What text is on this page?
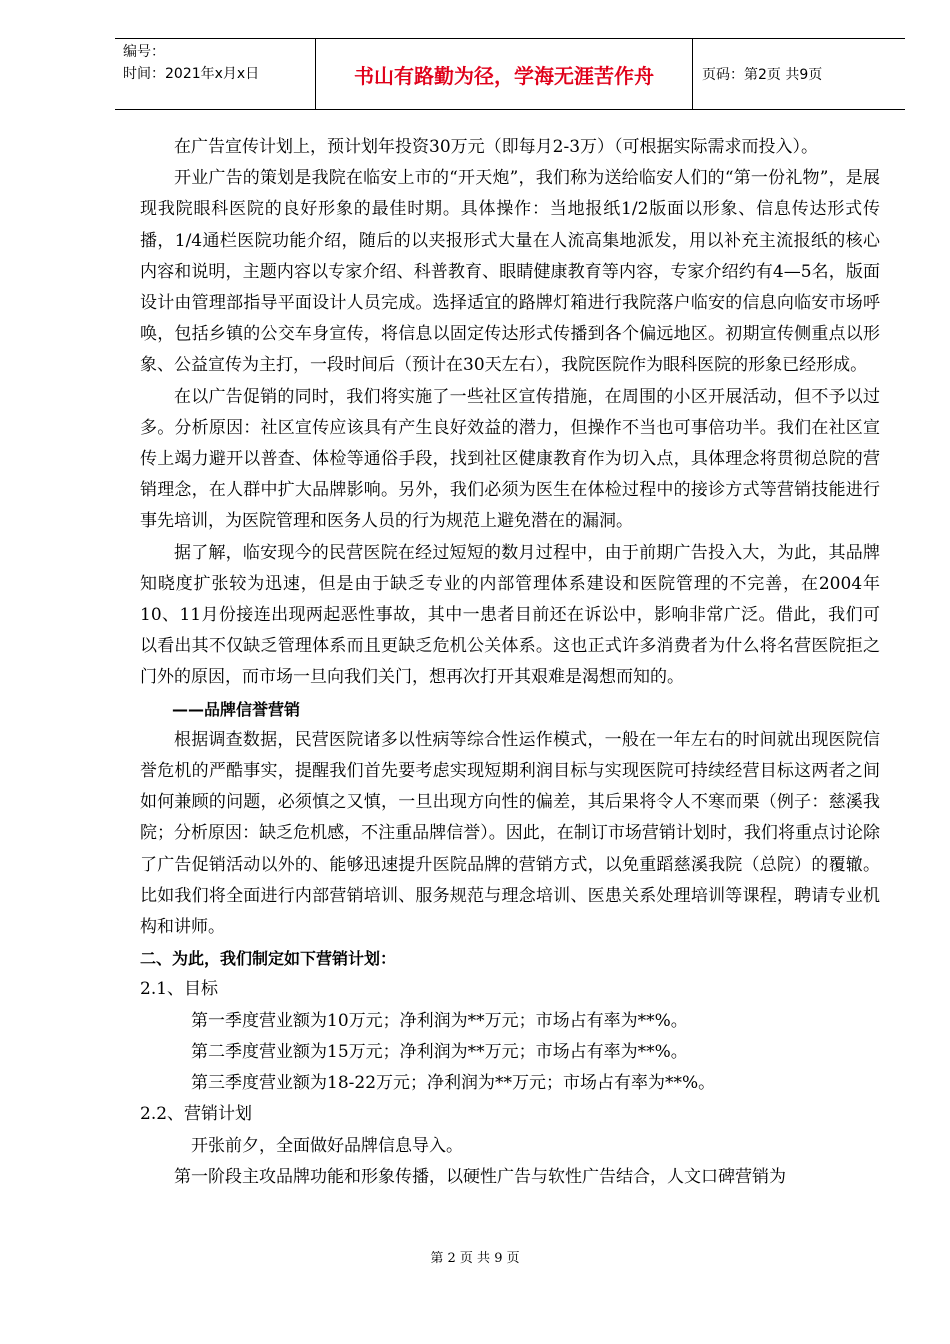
编号：
时间：2021年x月x日	书山有路勤为径，学海无涯苦作舟	页码：第2页 共9页

在广告宣传计划上，预计划年投资30万元（即每月2-3万）（可根据实际需求而投入）。

开业广告的策划是我院在临安上市的“开天炮”，我们称为送给临安人们的“第一份礼物”，是展现我院眼科医院的良好形象的最佳时期。具体操作：当地报纸1/2版面以形象、信息传达形式传播，1/4通栏医院功能介绍，随后的以夹报形式大量在人流高集地派发，用以补充主流报纸的核心内容和说明，主题内容以专家介绍、科普教育、眼睛健康教育等内容，专家介绍约有4—5名，版面设计由管理部指导平面设计人员完成。选择适宜的路牌灯箱进行我院落户临安的信息向临安市场呼唤，包括乡镇的公交车身宣传，将信息以固定传达形式传播到各个偏远地区。初期宣传侧重点以形象、公益宣传为主打，一段时间后（预计在30天左右），我院医院作为眼科医院的形象已经形成。

在以广告促销的同时，我们将实施了一些社区宣传措施，在周围的小区开展活动，但不予以过多。分析原因：社区宣传应该具有产生良好效益的潜力，但操作不当也可事倍功半。我们在社区宣传上竭力避开以普查、体检等通俗手段，找到社区健康教育作为切入点，具体理念将贯彻总院的营销理念，在人群中扩大品牌影响。另外，我们必须为医生在体检过程中的接诊方式等营销技能进行事先培训，为医院管理和医务人员的行为规范上避免潜在的漏洞。

据了解，临安现今的民营医院在经过短短的数月过程中，由于前期广告投入大，为此，其品牌知晓度扩张较为迅速，但是由于缺乏专业的内部管理体系建设和医院管理的不完善，在2004年10、11月份接连出现两起恶性事故，其中一患者目前还在诉讼中，影响非常广泛。借此，我们可以看出其不仅缺乏管理体系而且更缺乏危机公关体系。这也正式许多消费者为什么将名营医院拒之门外的原因，而市场一旦向我们关门，想再次打开其艰难是渴想而知的。

——品牌信誉营销

根据调查数据，民营医院诸多以性病等综合性运作模式，一般在一年左右的时间就出现医院信誉危机的严酷事实，提醒我们首先要考虑实现短期利润目标与实现医院可持续经营目标这两者之间如何兼顾的问题，必须慎之又慎，一旦出现方向性的偏差，其后果将令人不寒而栗（例子：慈溪我院；分析原因：缺乏危机感，不注重品牌信誉）。因此，在制订市场营销计划时，我们将重点讨论除了广告促销活动以外的、能够迅速提升医院品牌的营销方式，以免重蹈慈溪我院（总院）的覆辙。比如我们将全面进行内部营销培训、服务规范与理念培训、医患关系处理培训等课程，聘请专业机构和讲师。

二、为此，我们制定如下营销计划：

2.1、目标

第一季度营业额为10万元；净利润为**万元；市场占有率为**%。

第二季度营业额为15万元；净利润为**万元；市场占有率为**%。

第三季度营业额为18-22万元；净利润为**万元；市场占有率为**%。

2.2、营销计划

开张前夕，全面做好品牌信息导入。

第一阶段主攻品牌功能和形象传播，以硬性广告与软性广告结合，人文口碑营销为

第 2 页 共 9 页
